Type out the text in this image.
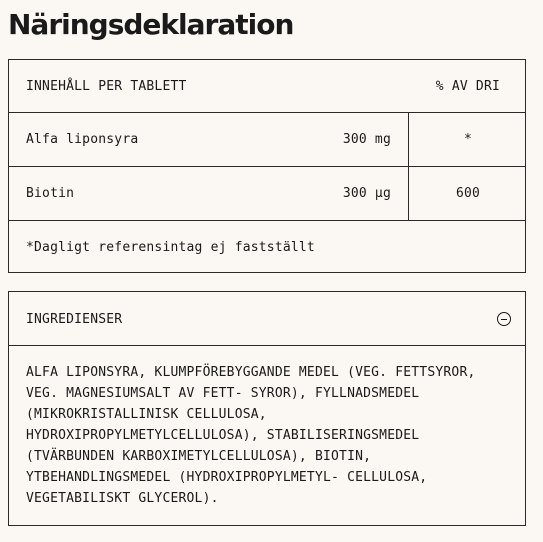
Näringsdeklaration
INNEHÅLL PER TABLETT	% AV DRI
Alfa liponsyra	300 mg	*
Biotin	300 µg	600
*Dagligt referensintag ej fastställt
INGREDIENSER

ALFA LIPONSYRA, KLUMPFÖREBYGGANDE MEDEL (VEG. FETTSYROR,
VEG. MAGNESIUMSALT AV FETT- SYROR), FYLLNADSMEDEL
(MIKROKRISTALLINISK CELLULOSA,
HYDROXIPROPYLMETYLCELLULOSA), STABILISERINGSMEDEL
(TVÄRBUNDEN KARBOXIMETYLCELLULOSA), BIOTIN,
YTBEHANDLINGSMEDEL (HYDROXIPROPYLMETYL- CELLULOSA,
VEGETABILISKT GLYCEROL).
